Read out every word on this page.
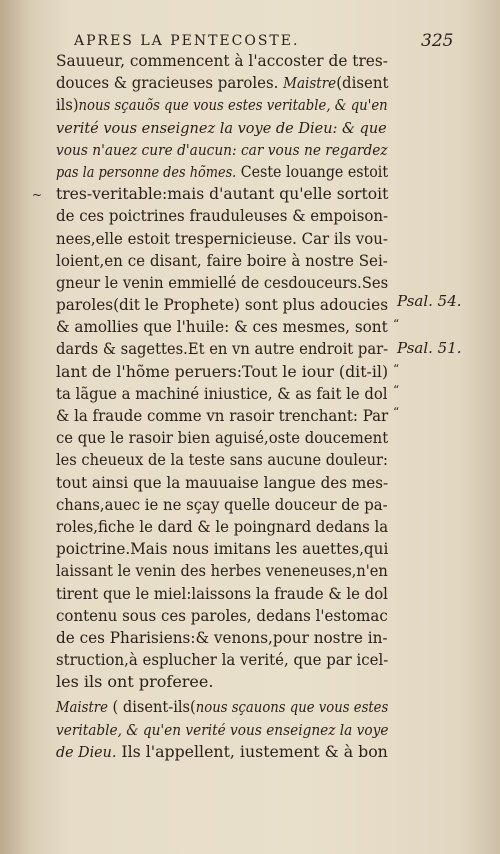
APRES LA PENTECOSTE.	325
~
Sauueur, commencent à l'accoster de tres-
douces & gracieuses paroles. Maistre(disent
ils)nous sçauõs que vous estes veritable, & qu'en
verité vous enseignez la voye de Dieu: & que
vous n'auez cure d'aucun: car vous ne regardez
pas la personne des hõmes. Ceste louange estoit
tres-veritable:mais d'autant qu'elle sortoit
de ces poictrines frauduleuses & empoison-
nees,elle estoit trespernicieuse. Car ils vou-
loient,en ce disant, faire boire à nostre Sei-
gneur le venin emmiellé de cesdouceurs.Ses
paroles(dit le Prophete) sont plus adoucies
& amollies que l'huile: & ces mesmes, sont
dards & sagettes.Et en vn autre endroit par-
lant de l'hõme peruers:Tout le iour (dit-il)
ta lãgue a machiné iniustice, & as fait le dol
& la fraude comme vn rasoir trenchant: Par
ce que le rasoir bien aguisé,oste doucement
les cheueux de la teste sans aucune douleur:
tout ainsi que la mauuaise langue des mes-
chans,auec ie ne sçay quelle douceur de pa-
roles,fiche le dard & le poingnard dedans la
poictrine.Mais nous imitans les auettes,qui
laissant le venin des herbes veneneuses,n'en
tirent que le miel:laissons la fraude & le dol
contenu sous ces paroles, dedans l'estomac
de ces Pharisiens:& venons,pour nostre in-
struction,à esplucher la verité, que par icel-
les ils ont proferee.
Maistre ( disent-ils(nous sçauons que vous estes
veritable, & qu'en verité vous enseignez la voye
de Dieu. Ils l'appellent, iustement & à bon
Psal. 54.
“
Psal. 51.
“
“
“
